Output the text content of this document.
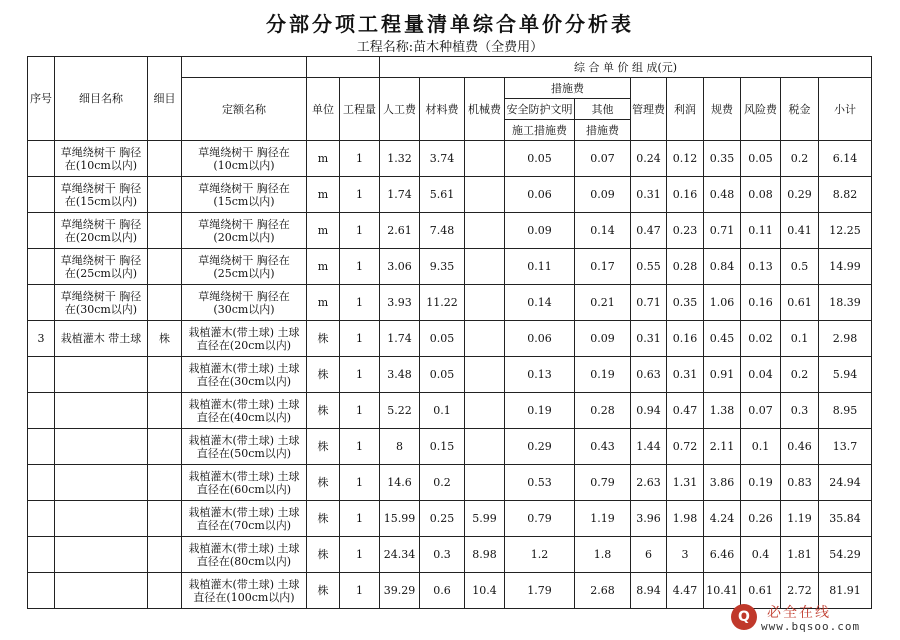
分部分项工程量清单综合单价分析表
工程名称:苗木种植费（全费用）
序号	细目名称	细目				综 合 单 价 组 成(元)										
			定额名称	单位	工程量	人工费	材料费	机械费	措施费		管理费	利润	规费	风险费	税金	小计
									安全防护文明	其他						
									施工措施费	措施费						
	草绳绕树干 胸径在(10cm以内)		草绳绕树干 胸径在(10cm以内)	m	1	1.32	3.74		0.05	0.07	0.24	0.12	0.35	0.05	0.2	6.14
	草绳绕树干 胸径在(15cm以内)		草绳绕树干 胸径在(15cm以内)	m	1	1.74	5.61		0.06	0.09	0.31	0.16	0.48	0.08	0.29	8.82
	草绳绕树干 胸径在(20cm以内)		草绳绕树干 胸径在(20cm以内)	m	1	2.61	7.48		0.09	0.14	0.47	0.23	0.71	0.11	0.41	12.25
	草绳绕树干 胸径在(25cm以内)		草绳绕树干 胸径在(25cm以内)	m	1	3.06	9.35		0.11	0.17	0.55	0.28	0.84	0.13	0.5	14.99
	草绳绕树干 胸径在(30cm以内)		草绳绕树干 胸径在(30cm以内)	m	1	3.93	11.22		0.14	0.21	0.71	0.35	1.06	0.16	0.61	18.39
3	栽植灌木 带土球	株	栽植灌木(带土球) 土球直径在(20cm以内)	株	1	1.74	0.05		0.06	0.09	0.31	0.16	0.45	0.02	0.1	2.98
			栽植灌木(带土球) 土球直径在(30cm以内)	株	1	3.48	0.05		0.13	0.19	0.63	0.31	0.91	0.04	0.2	5.94
			栽植灌木(带土球) 土球直径在(40cm以内)	株	1	5.22	0.1		0.19	0.28	0.94	0.47	1.38	0.07	0.3	8.95
			栽植灌木(带土球) 土球直径在(50cm以内)	株	1	8	0.15		0.29	0.43	1.44	0.72	2.11	0.1	0.46	13.7
			栽植灌木(带土球) 土球直径在(60cm以内)	株	1	14.6	0.2		0.53	0.79	2.63	1.31	3.86	0.19	0.83	24.94
			栽植灌木(带土球) 土球直径在(70cm以内)	株	1	15.99	0.25	5.99	0.79	1.19	3.96	1.98	4.24	0.26	1.19	35.84
			栽植灌木(带土球) 土球直径在(80cm以内)	株	1	24.34	0.3	8.98	1.2	1.8	6	3	6.46	0.4	1.81	54.29
			栽植灌木(带土球) 土球直径在(100cm以内)	株	1	39.29	0.6	10.4	1.79	2.68	8.94	4.47	10.41	0.61	2.72	81.91
Q	必全在线
www.bqsoo.com
